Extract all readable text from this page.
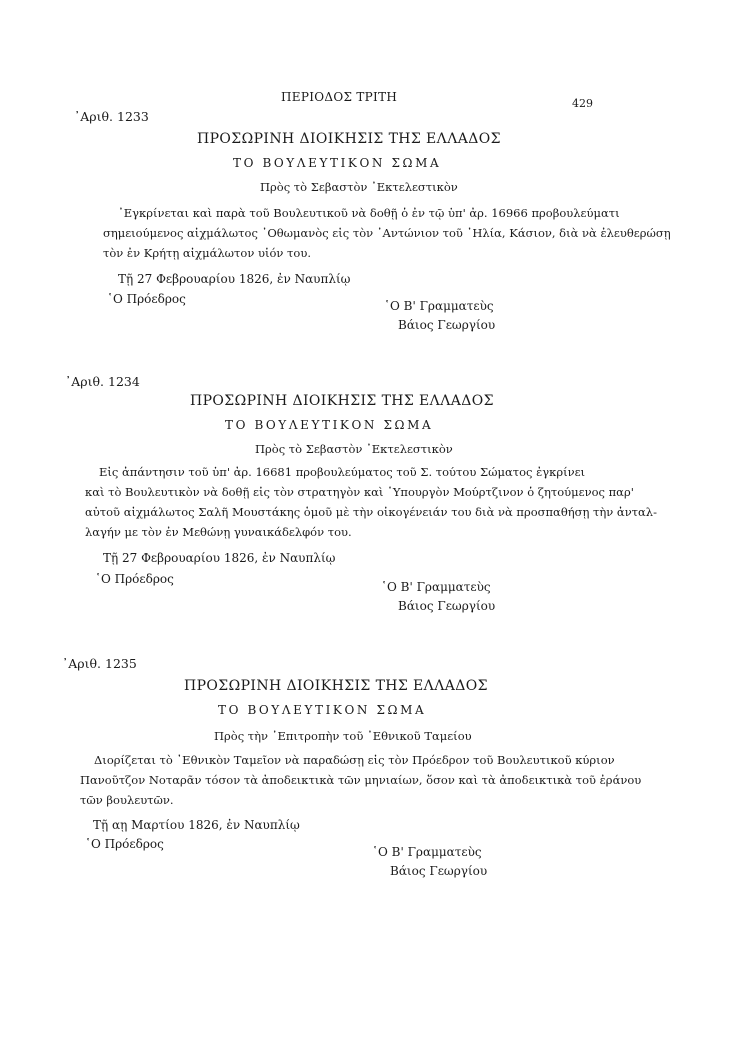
ΠΕΡΙΟΔΟΣ ΤΡΙΤΗ	429
᾿Αριθ. 1233
ΠΡΟΣΩΡΙΝΗ ΔΙΟΙΚΗΣΙΣ ΤΗΣ ΕΛΛΑΔΟΣ
ΤΟ ΒΟΥΛΕΥΤΙΚΟΝ ΣΩΜΑ
Πρὸς τὸ Σεβαστὸν ᾿Εκτελεστικὸν
᾿Εγκρίνεται καὶ παρὰ τοῦ Βουλευτικοῦ νὰ δοθῇ ὁ ἐν τῷ ὑπ' ἀρ. 16966 προβουλεύματι
σημειούμενος αἰχμάλωτος ᾿Οθωμανὸς εἰς τὸν ᾿Αντώνιον τοῦ ᾿Ηλία, Κάσιον, διὰ νὰ ἐλευθερώσῃ
τὸν ἐν Κρήτῃ αἰχμάλωτον υἱόν του.
Τῇ 27 Φεβρουαρίου 1826, ἐν Ναυπλίῳ
῾Ο Πρόεδρος	῾Ο Β' Γραμματεὺς
Βάιος Γεωργίου
᾿Αριθ. 1234
ΠΡΟΣΩΡΙΝΗ ΔΙΟΙΚΗΣΙΣ ΤΗΣ ΕΛΛΑΔΟΣ
ΤΟ ΒΟΥΛΕΥΤΙΚΟΝ ΣΩΜΑ
Πρὸς τὸ Σεβαστὸν ᾿Εκτελεστικὸν
Εἰς ἀπάντησιν τοῦ ὑπ' ἀρ. 16681 προβουλεύματος τοῦ Σ. τούτου Σώματος ἐγκρίνει
καὶ τὸ Βουλευτικὸν νὰ δοθῇ εἰς τὸν στρατηγὸν καὶ ῾Υπουργὸν Μούρτζινον ὁ ζητούμενος παρ'
αὐτοῦ αἰχμάλωτος Σαλῆ Μουστάκης ὁμοῦ μὲ τὴν οἰκογένειάν του διὰ νὰ προσπαθήσῃ τὴν ἀνταλ-
λαγήν με τὸν ἐν Μεθώνῃ γυναικάδελφόν του.
Τῇ 27 Φεβρουαρίου 1826, ἐν Ναυπλίῳ
῾Ο Πρόεδρος
῾Ο Β' Γραμματεὺς
Βάιος Γεωργίου
᾿Αριθ. 1235
ΠΡΟΣΩΡΙΝΗ ΔΙΟΙΚΗΣΙΣ ΤΗΣ ΕΛΛΑΔΟΣ
ΤΟ ΒΟΥΛΕΥΤΙΚΟΝ ΣΩΜΑ
Πρὸς τὴν ᾿Επιτροπὴν τοῦ ᾿Εθνικοῦ Ταμείου
Διορίζεται τὸ ᾿Εθνικὸν Ταμεῖον νὰ παραδώσῃ εἰς τὸν Πρόεδρον τοῦ Βουλευτικοῦ κύριον
Πανοῦτζον Νοταρᾶν τόσον τὰ ἀποδεικτικὰ τῶν μηνιαίων, ὅσον καὶ τὰ ἀποδεικτικὰ τοῦ ἐράνου
τῶν βουλευτῶν.
Τῇ αῃ Μαρτίου 1826, ἐν Ναυπλίῳ
῾Ο Πρόεδρος
῾Ο Β' Γραμματεὺς
Βάιος Γεωργίου
